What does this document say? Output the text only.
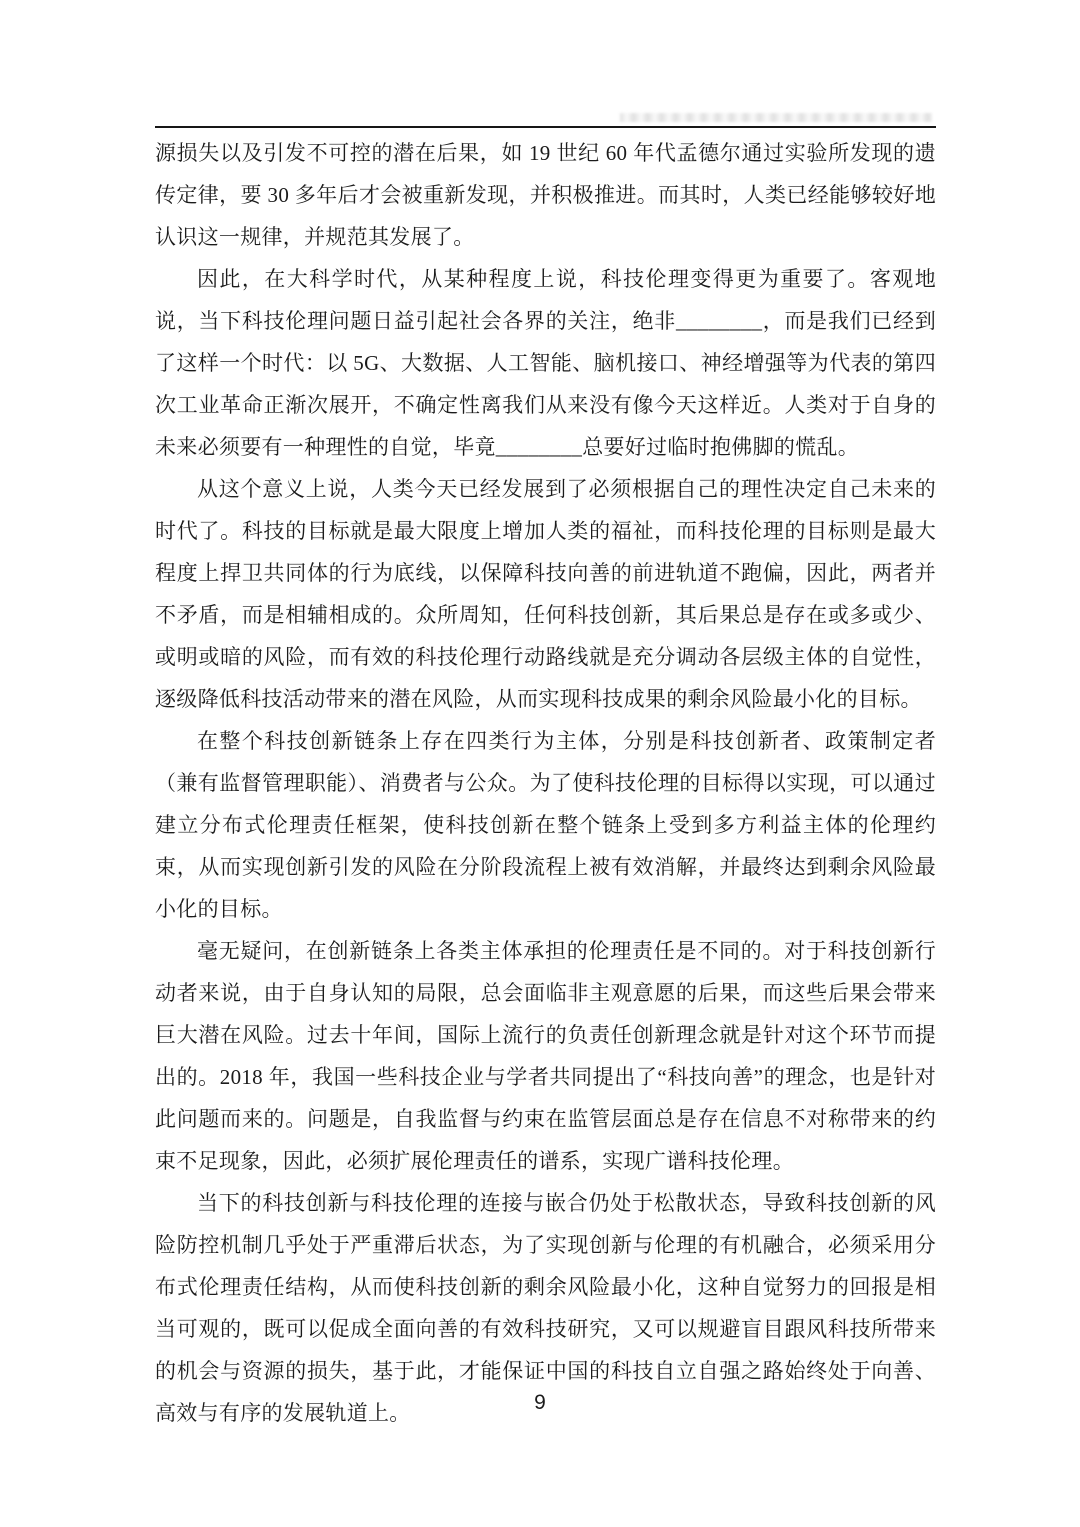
源损失以及引发不可控的潜在后果，如 19 世纪 60 年代孟德尔通过实验所发现的遗传定律，要 30 多年后才会被重新发现，并积极推进。而其时，人类已经能够较好地认识这一规律，并规范其发展了。

因此，在大科学时代，从某种程度上说，科技伦理变得更为重要了。客观地说，当下科技伦理问题日益引起社会各界的关注，绝非________，而是我们已经到了这样一个时代：以 5G、大数据、人工智能、脑机接口、神经增强等为代表的第四次工业革命正渐次展开，不确定性离我们从来没有像今天这样近。人类对于自身的未来必须要有一种理性的自觉，毕竟________总要好过临时抱佛脚的慌乱。

从这个意义上说，人类今天已经发展到了必须根据自己的理性决定自己未来的时代了。科技的目标就是最大限度上增加人类的福祉，而科技伦理的目标则是最大程度上捍卫共同体的行为底线，以保障科技向善的前进轨道不跑偏，因此，两者并不矛盾，而是相辅相成的。众所周知，任何科技创新，其后果总是存在或多或少、或明或暗的风险，而有效的科技伦理行动路线就是充分调动各层级主体的自觉性，逐级降低科技活动带来的潜在风险，从而实现科技成果的剩余风险最小化的目标。

在整个科技创新链条上存在四类行为主体，分别是科技创新者、政策制定者（兼有监督管理职能）、消费者与公众。为了使科技伦理的目标得以实现，可以通过建立分布式伦理责任框架，使科技创新在整个链条上受到多方利益主体的伦理约束，从而实现创新引发的风险在分阶段流程上被有效消解，并最终达到剩余风险最小化的目标。

毫无疑问，在创新链条上各类主体承担的伦理责任是不同的。对于科技创新行动者来说，由于自身认知的局限，总会面临非主观意愿的后果，而这些后果会带来巨大潜在风险。过去十年间，国际上流行的负责任创新理念就是针对这个环节而提出的。2018 年，我国一些科技企业与学者共同提出了“科技向善”的理念，也是针对此问题而来的。问题是，自我监督与约束在监管层面总是存在信息不对称带来的约束不足现象，因此，必须扩展伦理责任的谱系，实现广谱科技伦理。

当下的科技创新与科技伦理的连接与嵌合仍处于松散状态，导致科技创新的风险防控机制几乎处于严重滞后状态，为了实现创新与伦理的有机融合，必须采用分布式伦理责任结构，从而使科技创新的剩余风险最小化，这种自觉努力的回报是相当可观的，既可以促成全面向善的有效科技研究，又可以规避盲目跟风科技所带来的机会与资源的损失，基于此，才能保证中国的科技自立自强之路始终处于向善、高效与有序的发展轨道上。	9
